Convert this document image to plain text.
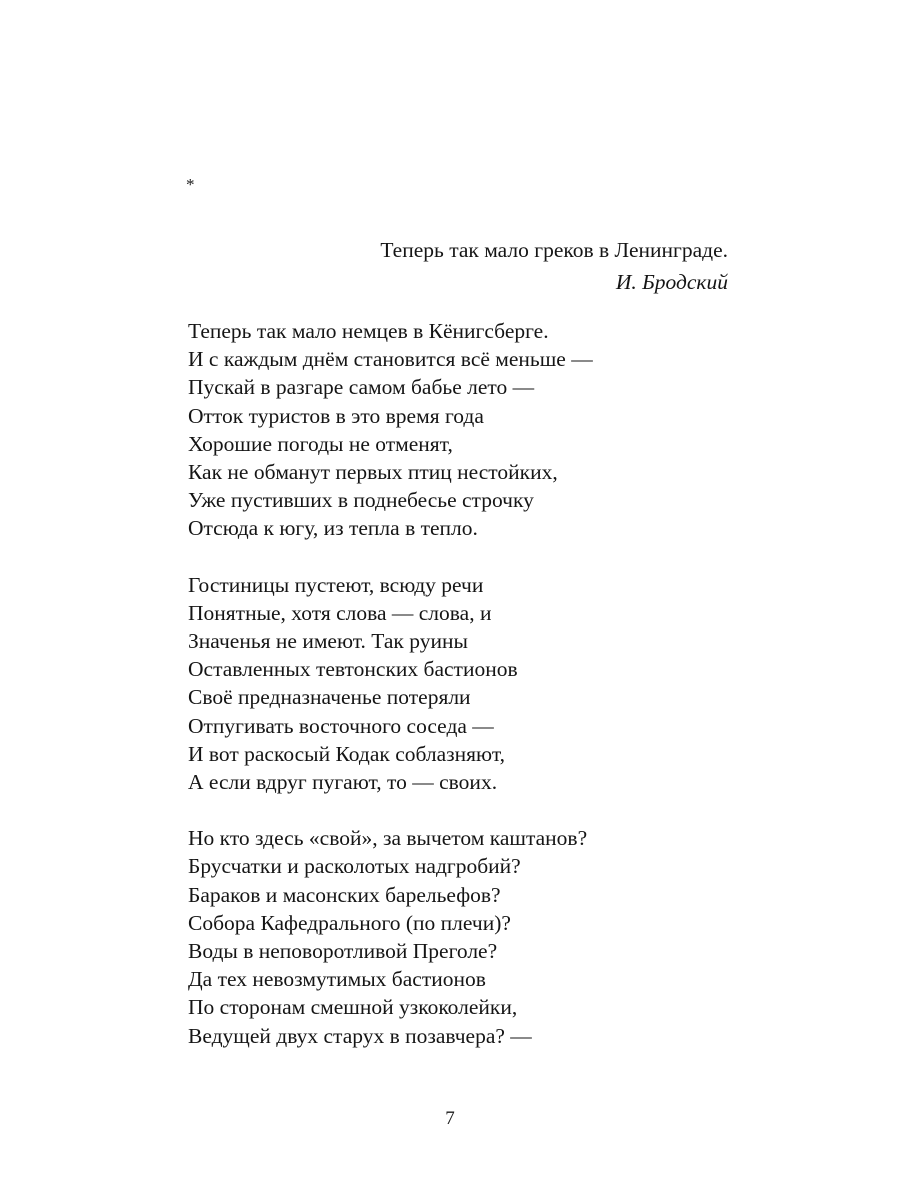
*
Теперь так мало греков в Ленинграде.
И. Бродский
Теперь так мало немцев в Кёнигсберге.
И с каждым днём становится всё меньше —
Пускай в разгаре самом бабье лето —
Отток туристов в это время года
Хорошие погоды не отменят,
Как не обманут первых птиц нестойких,
Уже пустивших в поднебесье строчку
Отсюда к югу, из тепла в тепло.
Гостиницы пустеют, всюду речи
Понятные, хотя слова — слова, и
Значенья не имеют. Так руины
Оставленных тевтонских бастионов
Своё предназначенье потеряли
Отпугивать восточного соседа —
И вот раскосый Кодак соблазняют,
А если вдруг пугают, то — своих.
Но кто здесь «свой», за вычетом каштанов?
Брусчатки и расколотых надгробий?
Бараков и масонских барельефов?
Собора Кафедрального (по плечи)?
Воды в неповоротливой Преголе?
Да тех невозмутимых бастионов
По сторонам смешной узкоколейки,
Ведущей двух старух в позавчера? —
7
